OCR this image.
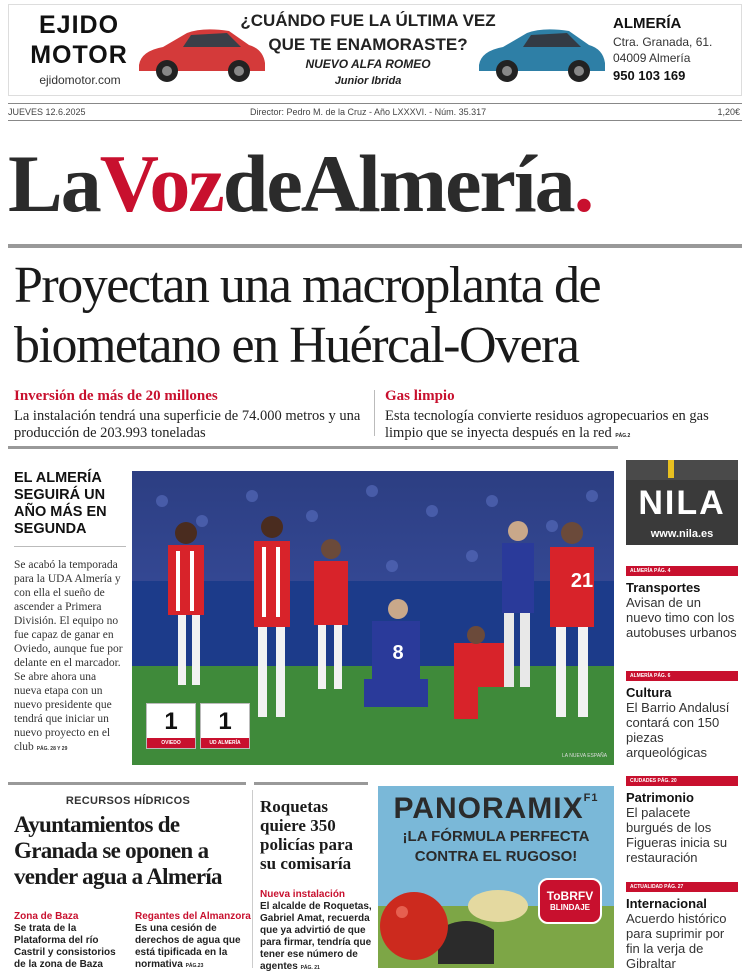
EJIDO
MOTOR
ejidomotor.com
¿CUÁNDO FUE LA ÚLTIMA VEZ
QUE TE ENAMORASTE?
NUEVO ALFA ROMEO
Junior Ibrida
ALMERÍA
Ctra. Granada, 61.
04009 Almería
950 103 169
JUEVES 12.6.2025	Director: Pedro M. de la Cruz - Año LXXXVI. - Núm. 35.317	1,20€
LaVozdeAlmería.
Proyectan una macroplanta de biometano en Huércal-Overa
Inversión de más de 20 millones
La instalación tendrá una superficie de 74.000 metros y una producción de 203.993 toneladas
Gas limpio
Esta tecnología convierte residuos agropecuarios en gas limpio que se inyecta después en la red PÁG.2
EL ALMERÍA SEGUIRÁ UN AÑO MÁS EN SEGUNDA
Se acabó la temporada para la UDA Almería y con ella el sueño de ascender a Primera División. El equipo no fue capaz de ganar en Oviedo, aunque fue por delante en el marcador. Se abre ahora una nueva etapa con un nuevo presidente que tendrá que iniciar un nuevo proyecto en el club PÁG. 28 Y 29
8
21
LA NUEVA ESPAÑA
1
OVIEDO
1
UD ALMERÍA
NILA
www.nila.es
ALMERÍA PÁG. 4
Transportes
Avisan de un nuevo timo con los autobuses urbanos
ALMERÍA PÁG. 6
Cultura
El Barrio Andalusí contará con 150 piezas arqueológicas
CIUDADES PÁG. 20
Patrimonio
El palacete burgués de los Figueras inicia su restauración
ACTUALIDAD PÁG. 27
Internacional
Acuerdo histórico para suprimir por fin la verja de Gibraltar
RECURSOS HÍDRICOS
Ayuntamientos de Granada se oponen a vender agua a Almería
Zona de Baza
Se trata de la Plataforma del río Castril y consistorios de la zona de Baza
Regantes del Almanzora
Es una cesión de derechos de agua que está tipificada en la normativa PÁG.23
Roquetas quiere 350 policías para su comisaría
Nueva instalación
El alcalde de Roquetas, Gabriel Amat, recuerda que ya advirtió de que para firmar, tendría que tener ese número de agentes PÁG. 21
$PANORAMIX^{F1}$
¡LA FÓRMULA PERFECTA
CONTRA EL RUGOSO!
ToBRFV
BLINDAJE
